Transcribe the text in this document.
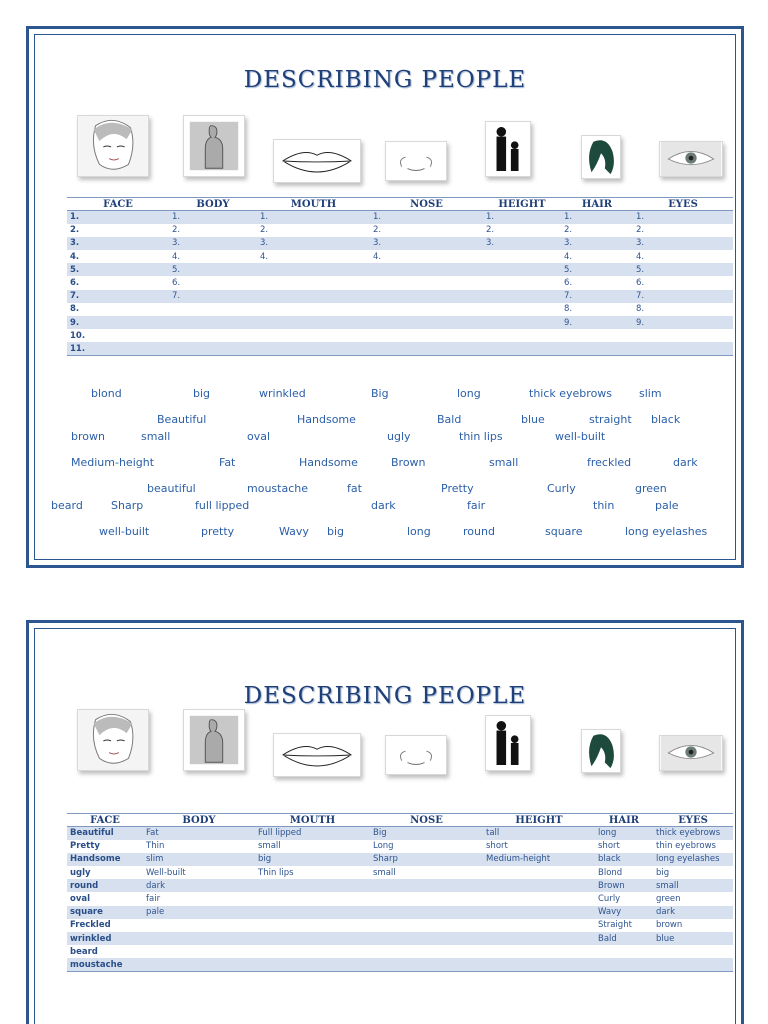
DESCRIBING PEOPLE
FACE	BODY	MOUTH	NOSE	HEIGHT	HAIR	EYES
1.	1.	1.	1.	1.	1.	1.
2.	2.	2.	2.	2.	2.	2.
3.	3.	3.	3.	3.	3.	3.
4.	4.	4.	4.		4.	4.
5.	5.				5.	5.
6.	6.				6.	6.
7.	7.				7.	7.
8.					8.	8.
9.					9.	9.
10.						
11.						
blond	big	wrinkled	Big	long	thick eyebrows slim
Beautiful	Handsome	Bald	blue	straight black
brown	small	oval	ugly	thin lips	well-built
Medium-height	Fat	Handsome	Brown	small	freckled	dark
beautiful	moustache	fat	Pretty	Curly	green
beard	Sharp	full lipped	dark	fair	thin	pale
well-built	pretty	Wavy big	long	round	square	long eyelashes
DESCRIBING PEOPLE
FACE	BODY	MOUTH	NOSE	HEIGHT	HAIR	EYES
Beautiful	Fat	Full lipped	Big	tall	long	thick eyebrows
Pretty	Thin	small	Long	short	short	thin eyebrows
Handsome	slim	big	Sharp	Medium-height	black	long eyelashes
ugly	Well-built	Thin lips	small		Blond	big
round	dark				Brown	small
oval	fair				Curly	green
square	pale				Wavy	dark
Freckled					Straight	brown
wrinkled					Bald	blue
beard						
moustache						
